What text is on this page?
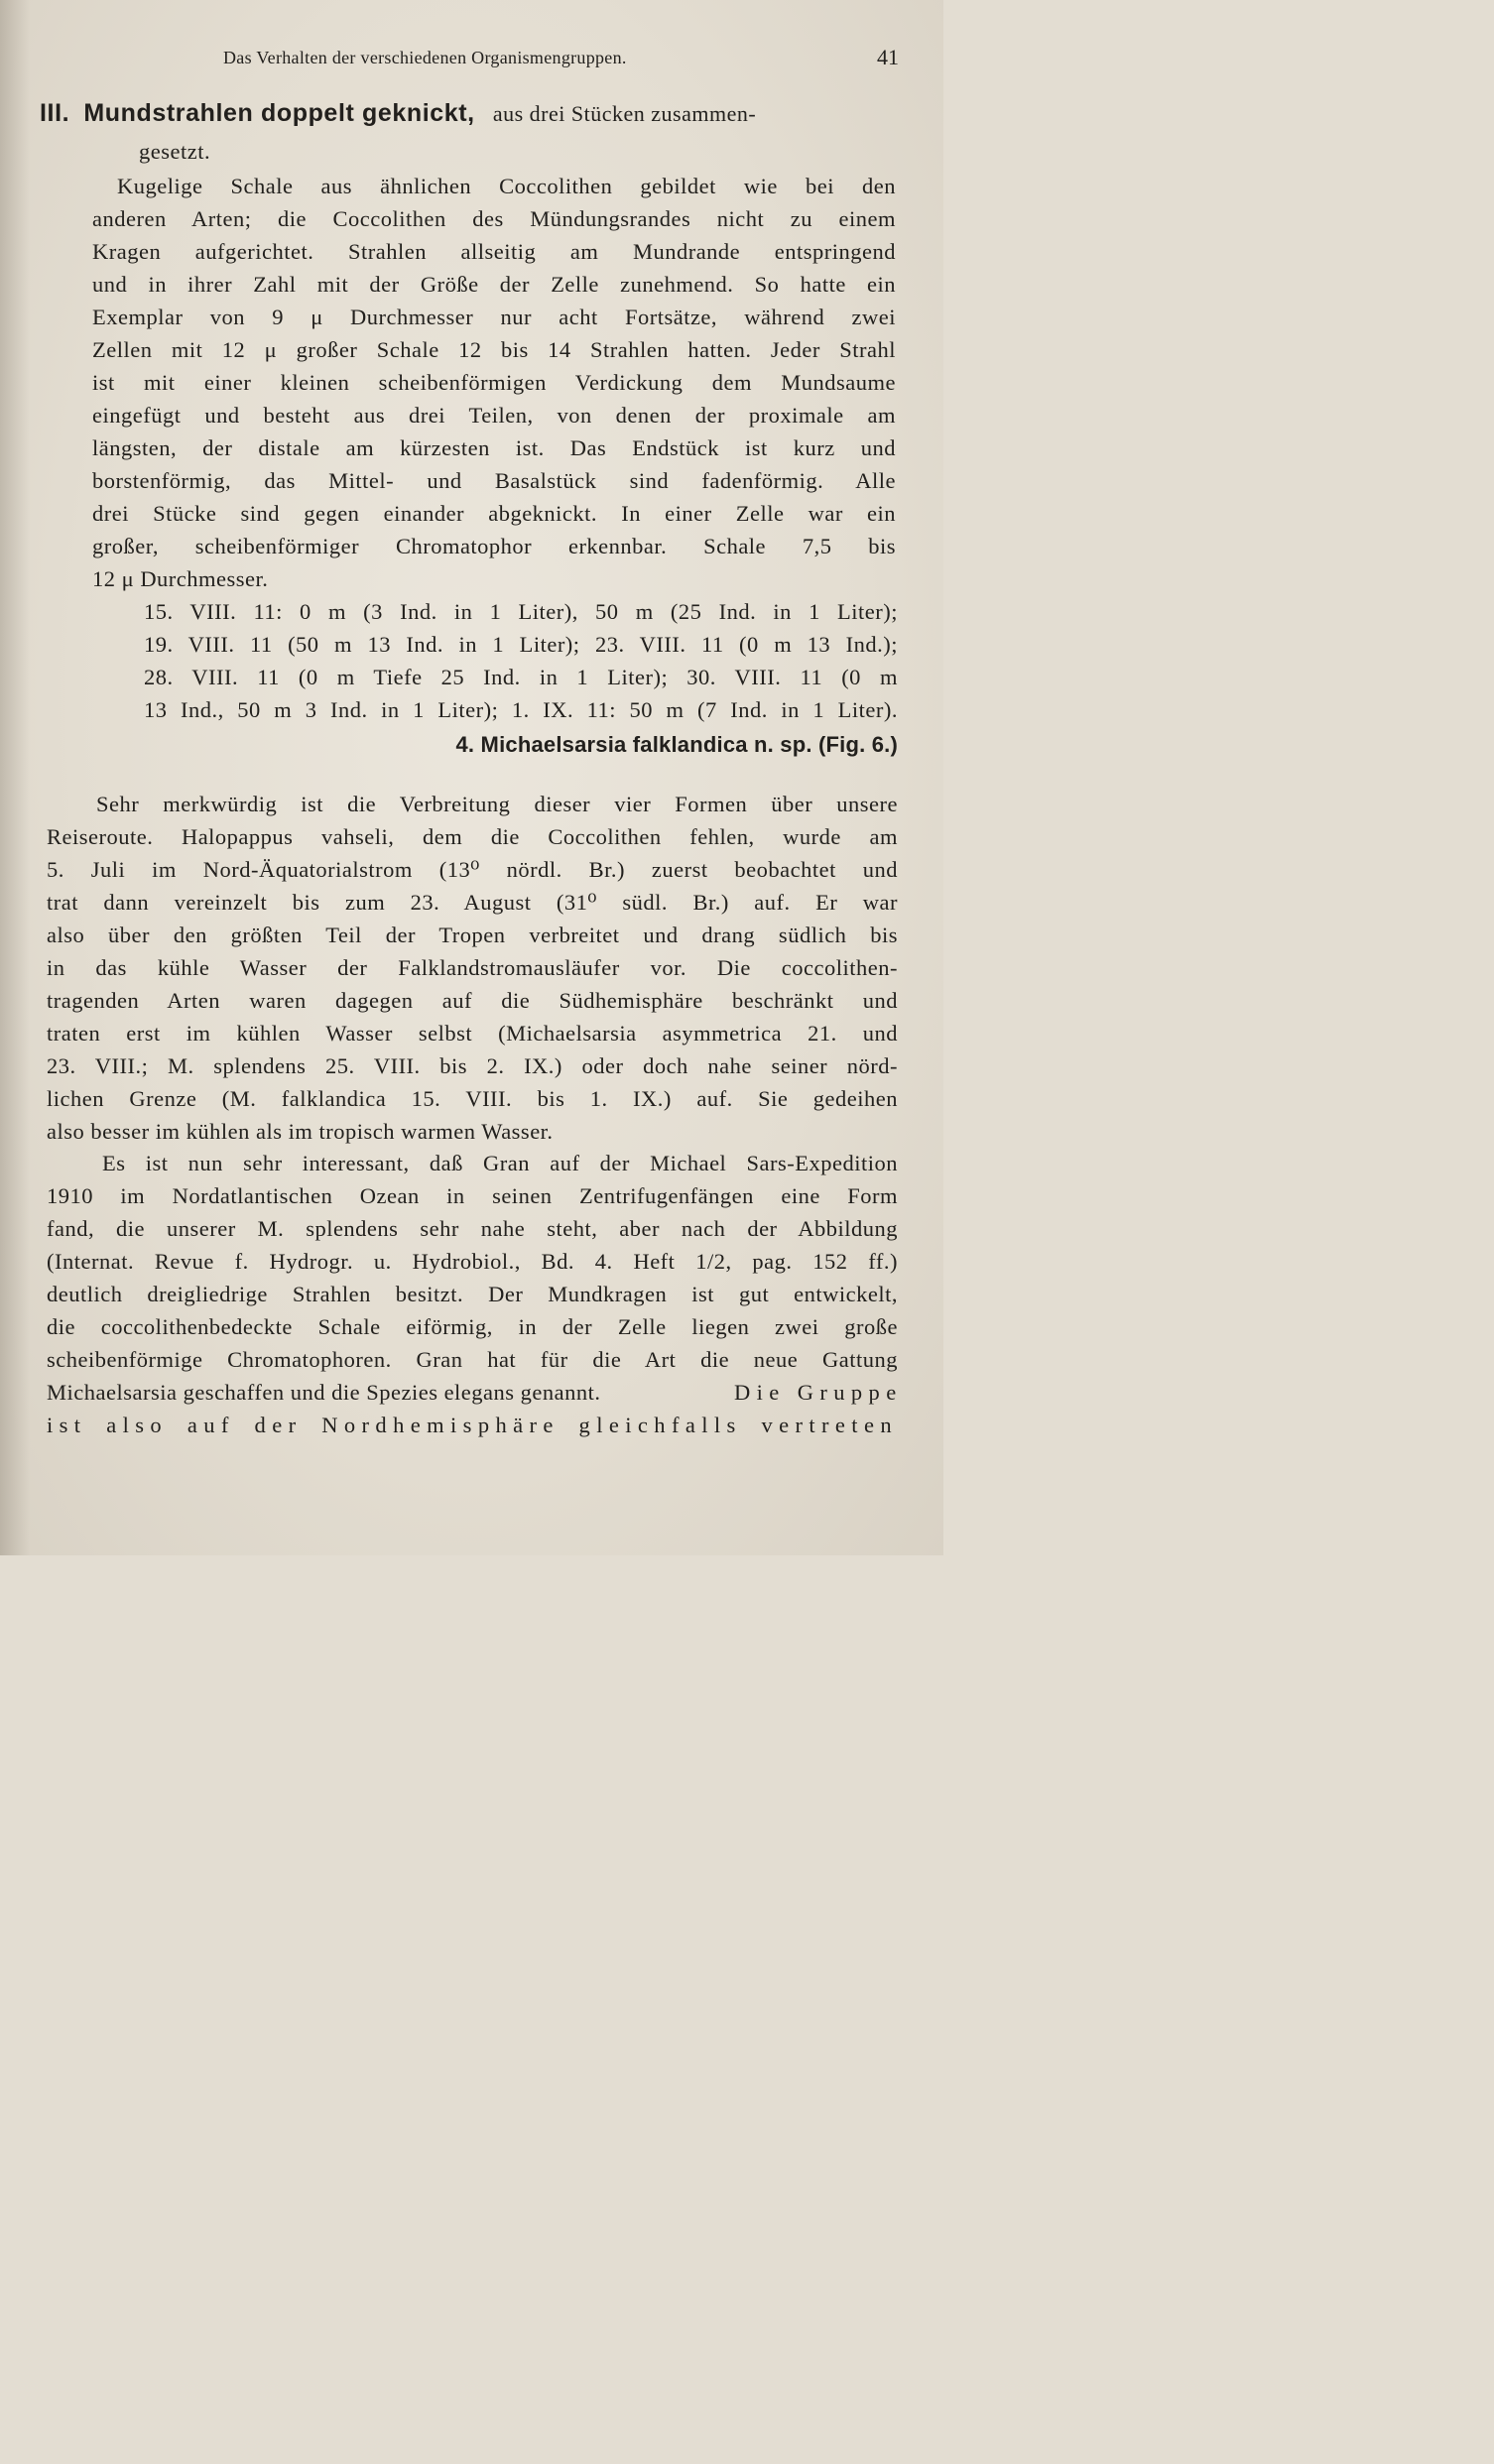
Das Verhalten der verschiedenen Organismengruppen.	41
III. Mundstrahlen doppelt geknickt, aus drei Stücken zusammen-
gesetzt.
Kugelige Schale aus ähnlichen Coccolithen gebildet wie bei den
anderen Arten; die Coccolithen des Mündungsrandes nicht zu einem
Kragen aufgerichtet. Strahlen allseitig am Mundrande entspringend
und in ihrer Zahl mit der Größe der Zelle zunehmend. So hatte ein
Exemplar von 9 μ Durchmesser nur acht Fortsätze, während zwei
Zellen mit 12 μ großer Schale 12 bis 14 Strahlen hatten. Jeder Strahl
ist mit einer kleinen scheibenförmigen Verdickung dem Mundsaume
eingefügt und besteht aus drei Teilen, von denen der proximale am
längsten, der distale am kürzesten ist. Das Endstück ist kurz und
borstenförmig, das Mittel- und Basalstück sind fadenförmig. Alle
drei Stücke sind gegen einander abgeknickt. In einer Zelle war ein
großer, scheibenförmiger Chromatophor erkennbar. Schale 7,5 bis
12 μ Durchmesser.
15. VIII. 11: 0 m (3 Ind. in 1 Liter), 50 m (25 Ind. in 1 Liter);
19. VIII. 11 (50 m 13 Ind. in 1 Liter); 23. VIII. 11 (0 m 13 Ind.);
28. VIII. 11 (0 m Tiefe 25 Ind. in 1 Liter); 30. VIII. 11 (0 m
13 Ind., 50 m 3 Ind. in 1 Liter); 1. IX. 11: 50 m (7 Ind. in 1 Liter).
4. Michaelsarsia falklandica n. sp. (Fig. 6.)
Sehr merkwürdig ist die Verbreitung dieser vier Formen über unsere
Reiseroute. Halopappus vahseli, dem die Coccolithen fehlen, wurde am
5. Juli im Nord-Äquatorialstrom (13⁰ nördl. Br.) zuerst beobachtet und
trat dann vereinzelt bis zum 23. August (31⁰ südl. Br.) auf. Er war
also über den größten Teil der Tropen verbreitet und drang südlich bis
in das kühle Wasser der Falklandstromausläufer vor. Die coccolithen-
tragenden Arten waren dagegen auf die Südhemisphäre beschränkt und
traten erst im kühlen Wasser selbst (Michaelsarsia asymmetrica 21. und
23. VIII.; M. splendens 25. VIII. bis 2. IX.) oder doch nahe seiner nörd-
lichen Grenze (M. falklandica 15. VIII. bis 1. IX.) auf. Sie gedeihen
also besser im kühlen als im tropisch warmen Wasser.
Es ist nun sehr interessant, daß Gran auf der Michael Sars-Expedition
1910 im Nordatlantischen Ozean in seinen Zentrifugenfängen eine Form
fand, die unserer M. splendens sehr nahe steht, aber nach der Abbildung
(Internat. Revue f. Hydrogr. u. Hydrobiol., Bd. 4. Heft 1/2, pag. 152 ff.)
deutlich dreigliedrige Strahlen besitzt. Der Mundkragen ist gut entwickelt,
die coccolithenbedeckte Schale eiförmig, in der Zelle liegen zwei große
scheibenförmige Chromatophoren. Gran hat für die Art die neue Gattung
Michaelsarsia geschaffen und die Spezies elegans genannt.	Die Gruppe
ist also auf der Nordhemisphäre gleichfalls vertreten
